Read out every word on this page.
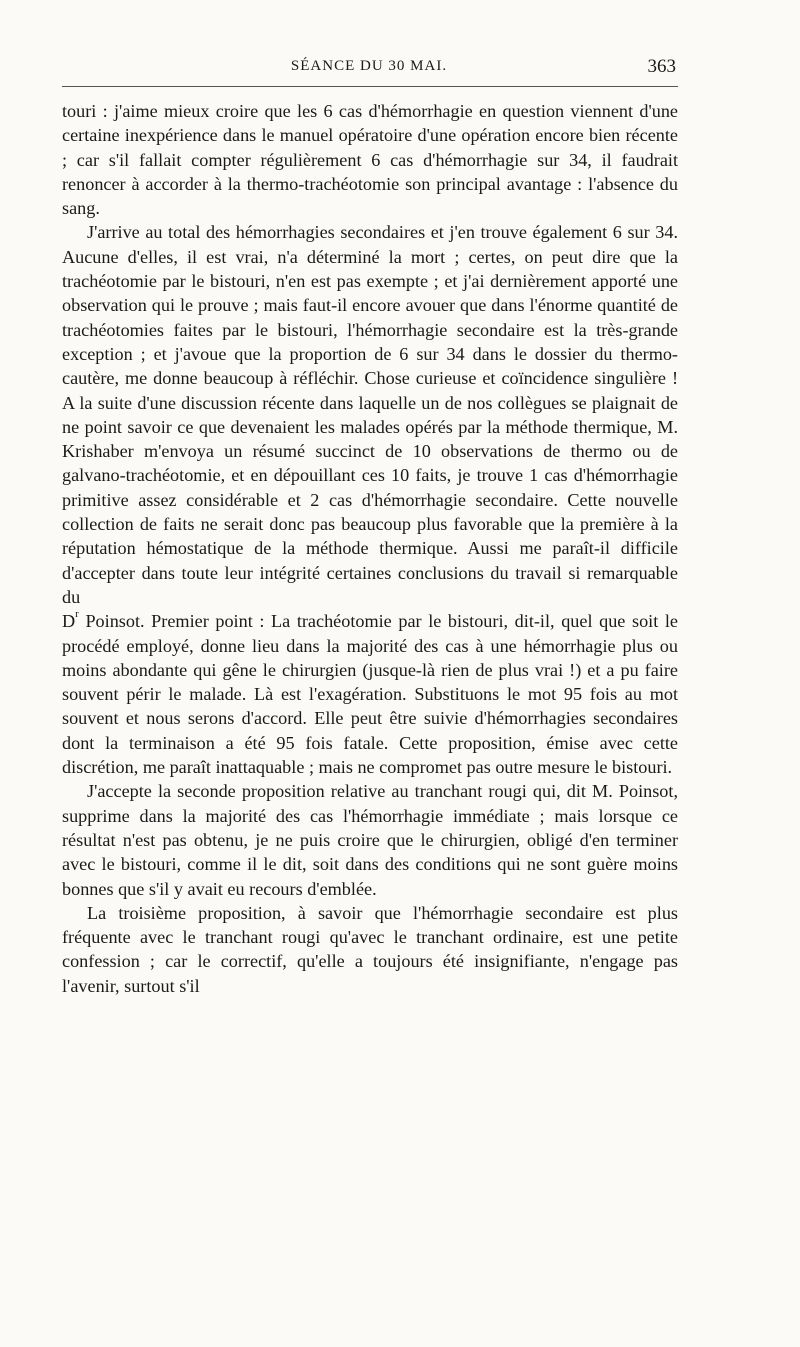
SÉANCE DU 30 MAI.	363

touri : j'aime mieux croire que les 6 cas d'hémorrhagie en question viennent d'une certaine inexpérience dans le manuel opératoire d'une opération encore bien récente ; car s'il fallait compter régulièrement 6 cas d'hémorrhagie sur 34, il faudrait renoncer à accorder à la thermo-trachéotomie son principal avantage : l'absence du sang.

J'arrive au total des hémorrhagies secondaires et j'en trouve également 6 sur 34. Aucune d'elles, il est vrai, n'a déterminé la mort ; certes, on peut dire que la trachéotomie par le bistouri, n'en est pas exempte ; et j'ai dernièrement apporté une observation qui le prouve ; mais faut-il encore avouer que dans l'énorme quantité de trachéotomies faites par le bistouri, l'hémorrhagie secondaire est la très-grande exception ; et j'avoue que la proportion de 6 sur 34 dans le dossier du thermo-cautère, me donne beaucoup à réfléchir. Chose curieuse et coïncidence singulière ! A la suite d'une discussion récente dans laquelle un de nos collègues se plaignait de ne point savoir ce que devenaient les malades opérés par la méthode thermique, M. Krishaber m'envoya un résumé succinct de 10 observations de thermo ou de galvano-trachéotomie, et en dépouillant ces 10 faits, je trouve 1 cas d'hémorrhagie primitive assez considérable et 2 cas d'hémorrhagie secondaire. Cette nouvelle collection de faits ne serait donc pas beaucoup plus favorable que la première à la réputation hémostatique de la méthode thermique. Aussi me paraît-il difficile d'accepter dans toute leur intégrité certaines conclusions du travail si remarquable du

$D^r$ Poinsot. Premier point : La trachéotomie par le bistouri, dit-il, quel que soit le procédé employé, donne lieu dans la majorité des cas à une hémorrhagie plus ou moins abondante qui gêne le chirurgien (jusque-là rien de plus vrai !) et a pu faire souvent périr le malade. Là est l'exagération. Substituons le mot 95 fois au mot souvent et nous serons d'accord. Elle peut être suivie d'hémorrhagies secondaires dont la terminaison a été 95 fois fatale. Cette proposition, émise avec cette discrétion, me paraît inattaquable ; mais ne compromet pas outre mesure le bistouri.

J'accepte la seconde proposition relative au tranchant rougi qui, dit M. Poinsot, supprime dans la majorité des cas l'hémorrhagie immédiate ; mais lorsque ce résultat n'est pas obtenu, je ne puis croire que le chirurgien, obligé d'en terminer avec le bistouri, comme il le dit, soit dans des conditions qui ne sont guère moins bonnes que s'il y avait eu recours d'emblée.

La troisième proposition, à savoir que l'hémorrhagie secondaire est plus fréquente avec le tranchant rougi qu'avec le tranchant ordinaire, est une petite confession ; car le correctif, qu'elle a toujours été insignifiante, n'engage pas l'avenir, surtout s'il
